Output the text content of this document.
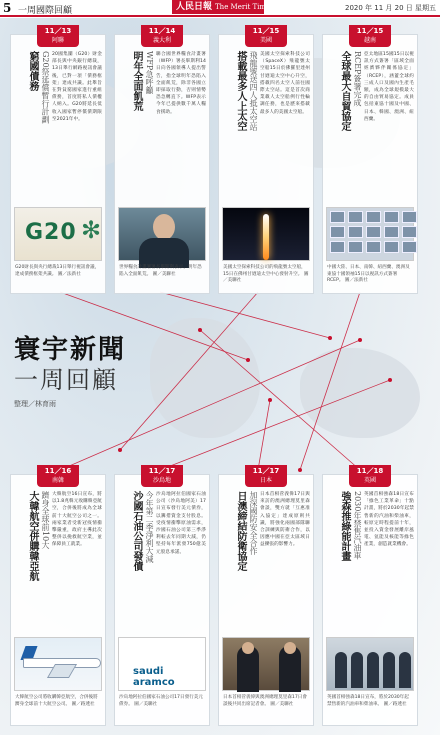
5 一周國際回顧	人民日報 The Merit Times	2020 年 11 月 20 日 星期五
11／13
阿聯
窮國債務 G20祭延償暫行計劃 20國集團（G20）財金部長與中央銀行總裁，13日舉行網路視訊會議後，已對一項「債務框架」達成共識。此舉旨在對貧窮國家進行重組債務，首度將私人債權人納入。G20將延長低收入國家暫停償債期限至2021年中。
G20 ✻
G20財長與央行總裁13日舉行視訊會議，達成債務框架共識。 圖／法新社
11／14
義大利
明年全面飢荒 WFP急呼籲 聯合國世界糧食計畫署（WFP）署長畢斯利14日向各國領導人提出警告，指全球明年恐陷入全面飢荒，除非各國立即採取行動，否則情勢恐急轉直下。WFP表示今年已提供數千萬人糧食援助。
世界糧食計畫署署長畢斯利表示，明年恐陷入全面飢荒。 圖／美聯社
11／15
美國
搭載最多人上太空 飛龍號送四人抵太空站 美國太空探索科技公司（SpaceX）飛龍號太空船15日於佛羅里達州甘迺迪太空中心升空，搭載四名太空人前往國際太空站。這是首次商業載人太空船例行性輪調任務，也是歷來搭載最多人的美國太空船。
美國太空探索科技公司的飛龍號太空船，15日在佛州甘迺迪太空中心發射升空。 圖／美聯社
11／15
越南
全球最大自貿協定 RCEP簽署完成 亞太地區15國15日以視訊方式簽署「區域全面經濟夥伴關係協定」（RCEP），涵蓋全球約三成人口及國內生產毛額，成為全球規模最大的自由貿易協定。成員包括東協十國及中國、日本、韓國、澳洲、紐西蘭。
中國大陸、日本、南韓、紐西蘭、澳洲及東協十國領袖15日以視訊方式簽署RCEP。 圖／法新社
寰宇新聞
一周回顧
整理／林育雨
11／16
南韓
大韓航空併購韓亞航 躋身全球前10大 大韓航空16日宣布，將以1.8兆韓元收購韓亞航空，合併後將成為全球前十大航空公司之一。兩家業者受新冠疫情衝擊嚴重，政府主導此次整併以挽救航空業，並保障員工就業。
大韓航空公司將收購韓亞航空，合併後將躋身全球前十大航空公司。 圖／路透社
11／17
沙烏地
沙國石油公司發債 今年第二季淨利大減 沙烏地阿拉伯國家石油公司（沙烏地阿美）17日宣布發行美元債券，以籌措資金支付股息。受疫情衝擊原油需求，沙國石油公司第三季淨利較去年同期大減，仍堅持每年派發750億美元股息承諾。
saudi aramco
沙烏地阿拉伯國家石油公司17日發行美元債券。 圖／美聯社
11／17
日本
日澳締結防衛協定 加深國防安全合作 日本首相菅義偉17日與來訪的澳洲總理莫里森會談，雙方就「互惠准入協定」達成原則共識，將強化兩國部隊聯合訓練與防衛合作，以因應中國在亞太區域日益擴張的影響力。
日本首相菅義偉與澳洲總理莫里森17日會談後共同出席記者會。 圖／美聯社
11／18
英國
強森推綠能計畫 2030年禁售汽油車 英國首相強森18日宣布「綠色工業革命」十點計畫，將於2030年起禁售新的汽油和柴油車，較原定時程提前十年，並投入資金發展離岸風電、氫能及核能等綠色產業，創造就業機會。
英國首相強森18日宣布，將於2030年起禁售新的汽油車和柴油車。 圖／路透社
